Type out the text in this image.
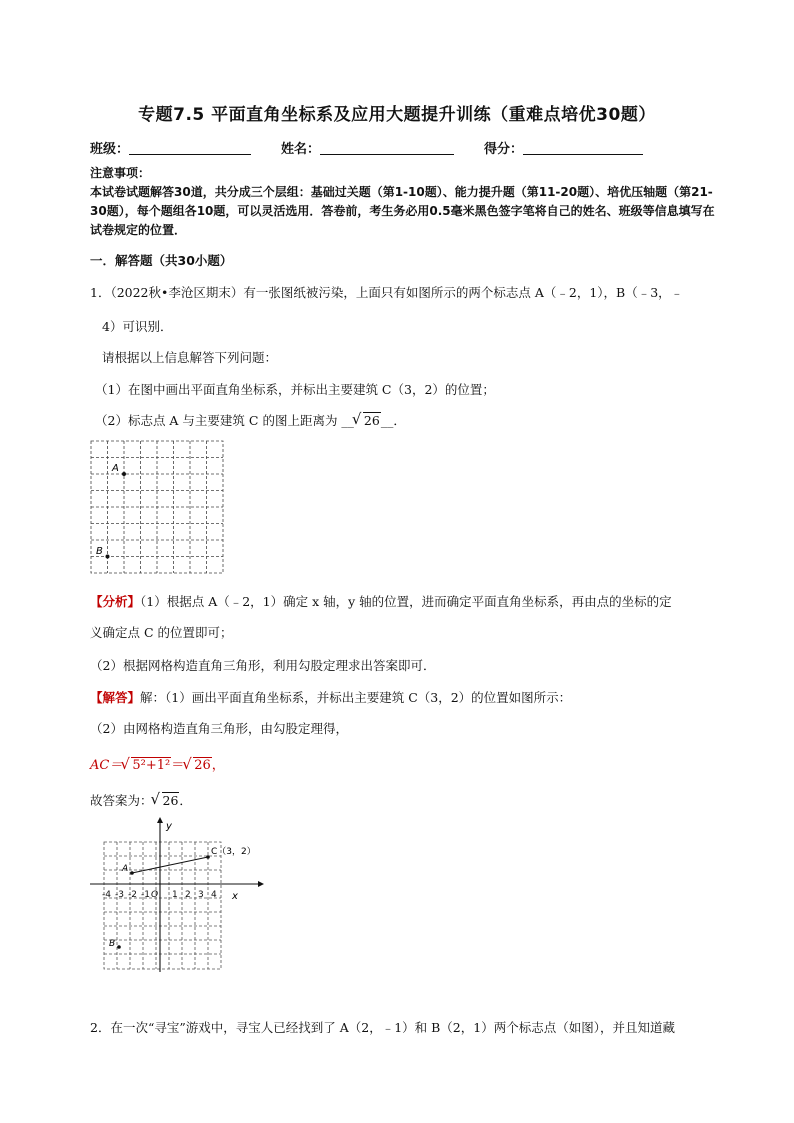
专题7.5 平面直角坐标系及应用大题提升训练（重难点培优30题）
班级：	姓名：	得分：
注意事项：
本试卷试题解答30道，共分成三个层组：基础过关题（第1-10题）、能力提升题（第11-20题）、培优压轴题（第21-30题），每个题组各10题，可以灵活选用．答卷前，考生务必用0.5毫米黑色签字笔将自己的姓名、班级等信息填写在试卷规定的位置．
一．解答题（共30小题）
1．（2022秋•李沧区期末）有一张图纸被污染，上面只有如图所示的两个标志点 A（﹣2，1），B（﹣3，﹣
4）可识别．
请根据以上信息解答下列问题：
（1）在图中画出平面直角坐标系，并标出主要建筑 C（3，2）的位置；
（2）标志点 A 与主要建筑 C 的图上距离为 __ √ 26__．
A
B
【分析】（1）根据点 A（﹣2，1）确定 x 轴，y 轴的位置，进而确定平面直角坐标系，再由点的坐标的定
义确定点 C 的位置即可；
（2）根据网格构造直角三角形，利用勾股定理求出答案即可．
【解答】解：（1）画出平面直角坐标系，并标出主要建筑 C（3，2）的位置如图所示：
（2）由网格构造直角三角形，由勾股定理得，
AC＝ √ 5²+1²＝ √ 26，
故答案为： √ 26．
y
x
-4 -3 -2 -1 O 1 2 3 4
A
C（3，2）
B
2．在一次“寻宝”游戏中，寻宝人已经找到了 A（2，﹣1）和 B（2，1）两个标志点（如图），并且知道藏
